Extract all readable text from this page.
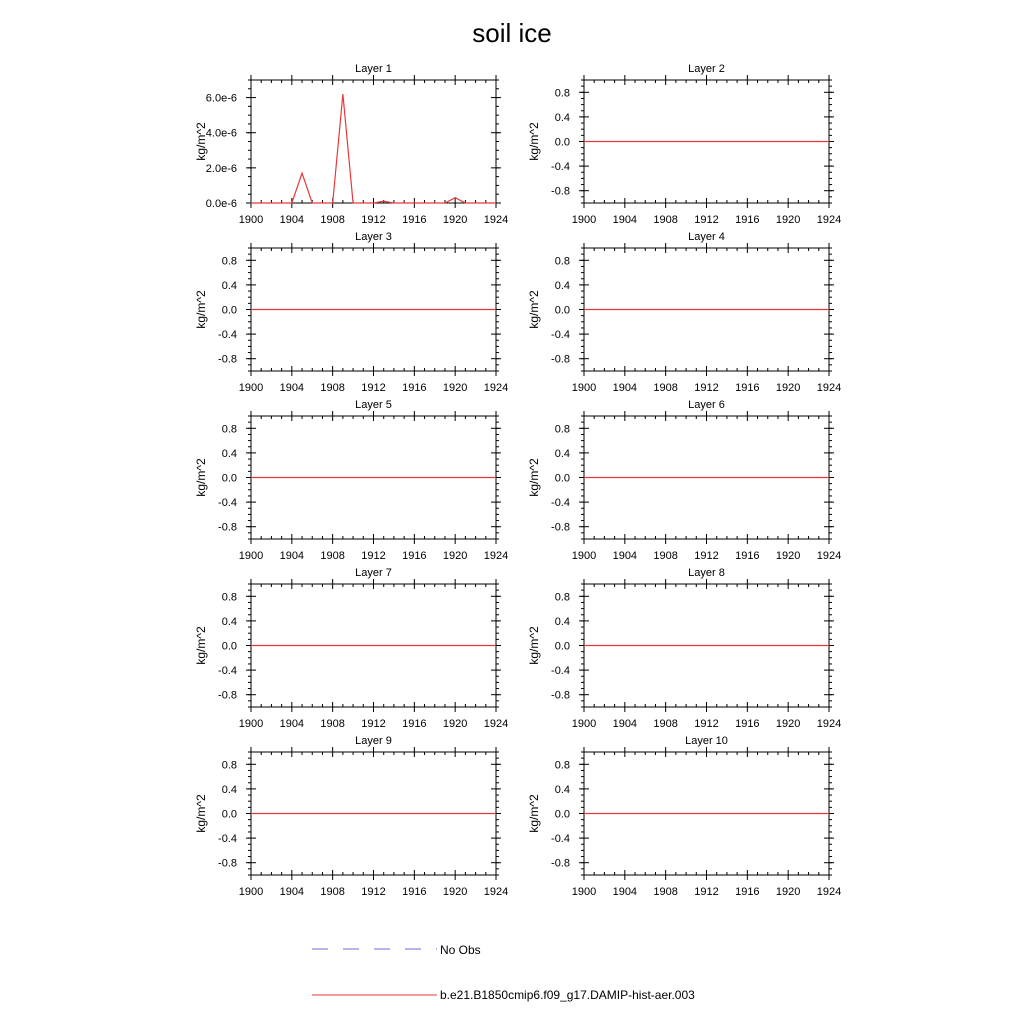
soil ice
Layer 1
kg/m^2
1900 1904 1908 1912 1916 1920 1924
0.0e-6
2.0e-6
4.0e-6
6.0e-6
Layer 2
kg/m^2
1900 1904 1908 1912 1916 1920 1924
0.8
0.4
0.0
-0.4
-0.8
Layer 3
kg/m^2
1900 1904 1908 1912 1916 1920 1924
0.8
0.4
0.0
-0.4
-0.8
Layer 4
kg/m^2
1900 1904 1908 1912 1916 1920 1924
0.8
0.4
0.0
-0.4
-0.8
Layer 5
kg/m^2
1900 1904 1908 1912 1916 1920 1924
0.8
0.4
0.0
-0.4
-0.8
Layer 6
kg/m^2
1900 1904 1908 1912 1916 1920 1924
0.8
0.4
0.0
-0.4
-0.8
Layer 7
kg/m^2
1900 1904 1908 1912 1916 1920 1924
0.8
0.4
0.0
-0.4
-0.8
Layer 8
kg/m^2
1900 1904 1908 1912 1916 1920 1924
0.8
0.4
0.0
-0.4
-0.8
Layer 9
kg/m^2
1900 1904 1908 1912 1916 1920 1924
0.8
0.4
0.0
-0.4
-0.8
Layer 10
kg/m^2
1900 1904 1908 1912 1916 1920 1924
0.8
0.4
0.0
-0.4
-0.8
No Obs
b.e21.B1850cmip6.f09_g17.DAMIP-hist-aer.003
